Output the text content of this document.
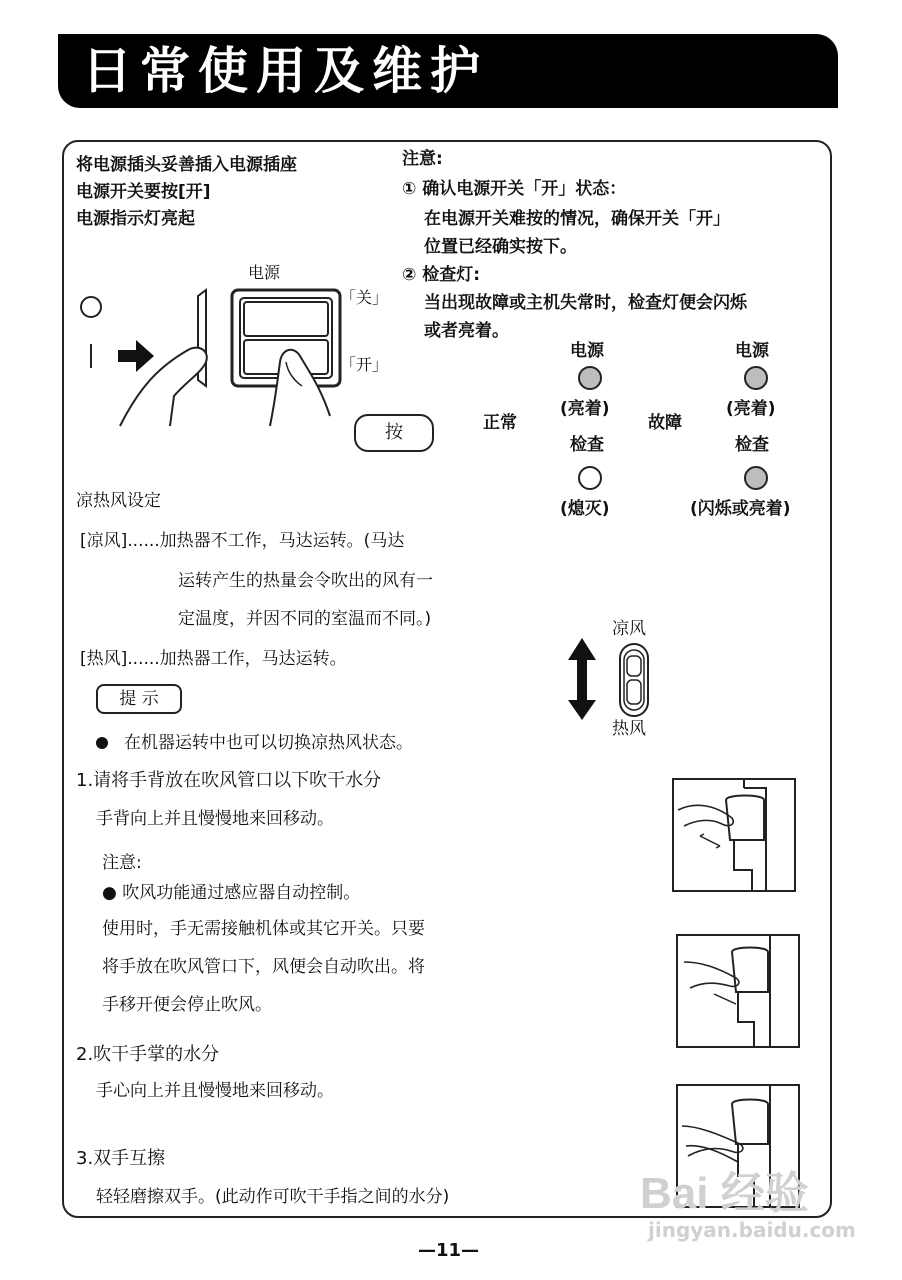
日常使用及维护
将电源插头妥善插入电源插座
电源开关要按[开]
电源指示灯亮起
电源
「关」
「开」
按
注意:
① 确认电源开关「开」状态：
在电源开关难按的情况，确保开关「开」
位置已经确实按下。
② 检查灯:
当出现故障或主机失常时，检查灯便会闪烁
或者亮着。
正常	故障
电源
(亮着)
检查
(熄灭)
电源
(亮着)
检查
(闪烁或亮着)
凉热风设定
[凉风]......加热器不工作，马达运转。(马达
运转产生的热量会令吹出的风有一
定温度，并因不同的室温而不同。)
[热风]......加热器工作，马达运转。
凉风
热风
提 示
在机器运转中也可以切换凉热风状态。
1.请将手背放在吹风管口以下吹干水分
手背向上并且慢慢地来回移动。
注意:
● 吹风功能通过感应器自动控制。
使用时，手无需接触机体或其它开关。只要
将手放在吹风管口下，风便会自动吹出。将
手移开便会停止吹风。
2.吹干手掌的水分
手心向上并且慢慢地来回移动。
3.双手互擦
轻轻磨擦双手。(此动作可吹干手指之间的水分)	Bai 经验
jingyan.baidu.com
—11—
